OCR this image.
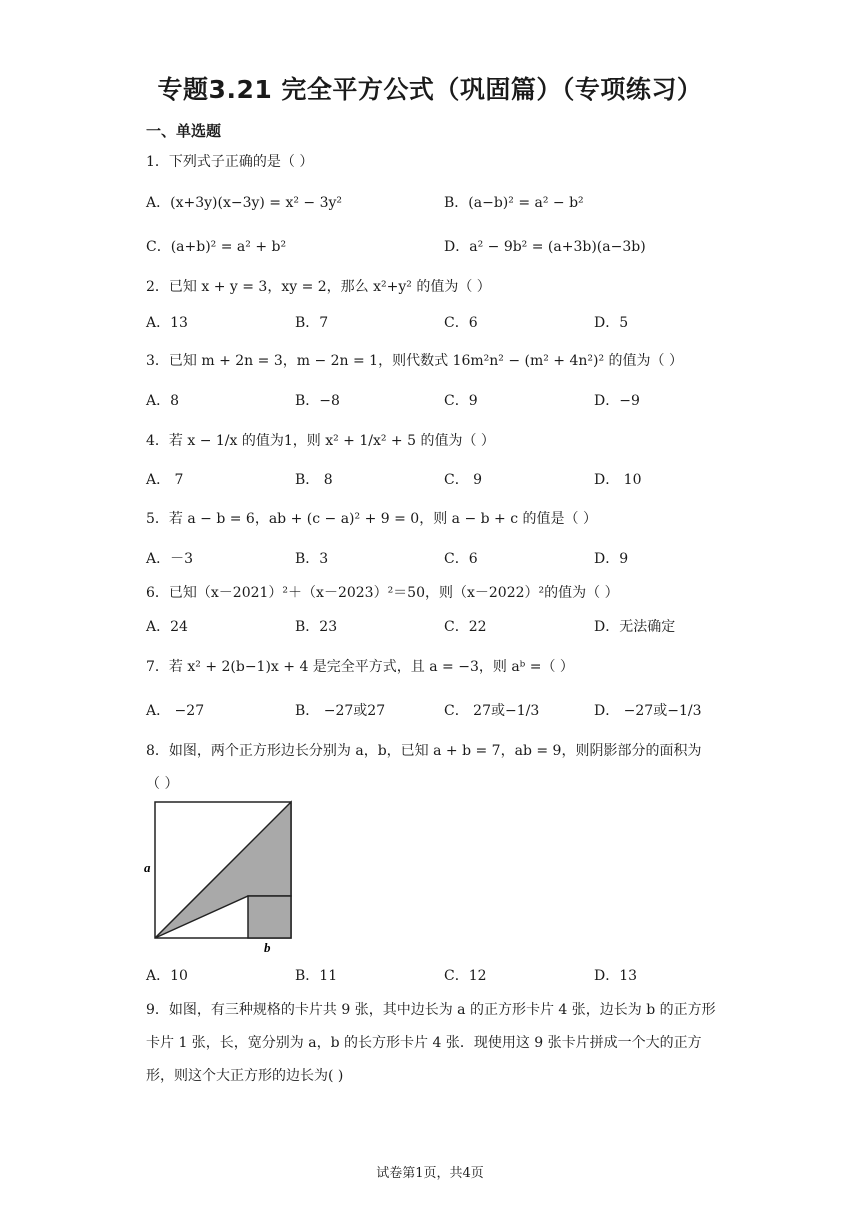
专题3.21 完全平方公式（巩固篇）（专项练习）
一、单选题
1．下列式子正确的是（ ）
A．(x+3y)(x−3y) = x² − 3y²	B．(a−b)² = a² − b²
C．(a+b)² = a² + b²	D．a² − 9b² = (a+3b)(a−3b)
2．已知 x + y = 3，xy = 2，那么 x²+y² 的值为（ ）
A．13	B．7	C．6	D．5
3．已知 m + 2n = 3，m − 2n = 1，则代数式 16m²n² − (m² + 4n²)² 的值为（ ）
A．8	B．−8	C．9	D．−9
4．若 x − 1/x 的值为1，则 x² + 1/x² + 5 的值为（ ）
A． 7	B． 8	C． 9	D． 10
5．若 a − b = 6，ab + (c − a)² + 9 = 0，则 a − b + c 的值是（ ）
A．－3	B．3	C．6	D．9
6．已知（x－2021）²＋（x－2023）²＝50，则（x－2022）²的值为（ ）
A．24	B．23	C．22	D．无法确定
7．若 x² + 2(b−1)x + 4 是完全平方式，且 a = −3，则 aᵇ =（ ）
A． −27	B． −27或27	C． 27或−1/3	D． −27或−1/3
8．如图，两个正方形边长分别为 a，b，已知 a + b = 7，ab = 9，则阴影部分的面积为
（ ）
a
b
A．10	B．11	C．12	D．13
9．如图，有三种规格的卡片共 9 张，其中边长为 a 的正方形卡片 4 张，边长为 b 的正方形卡片 1 张，长，宽分别为 a，b 的长方形卡片 4 张．现使用这 9 张卡片拼成一个大的正方形，则这个大正方形的边长为( )
试卷第1页，共4页
